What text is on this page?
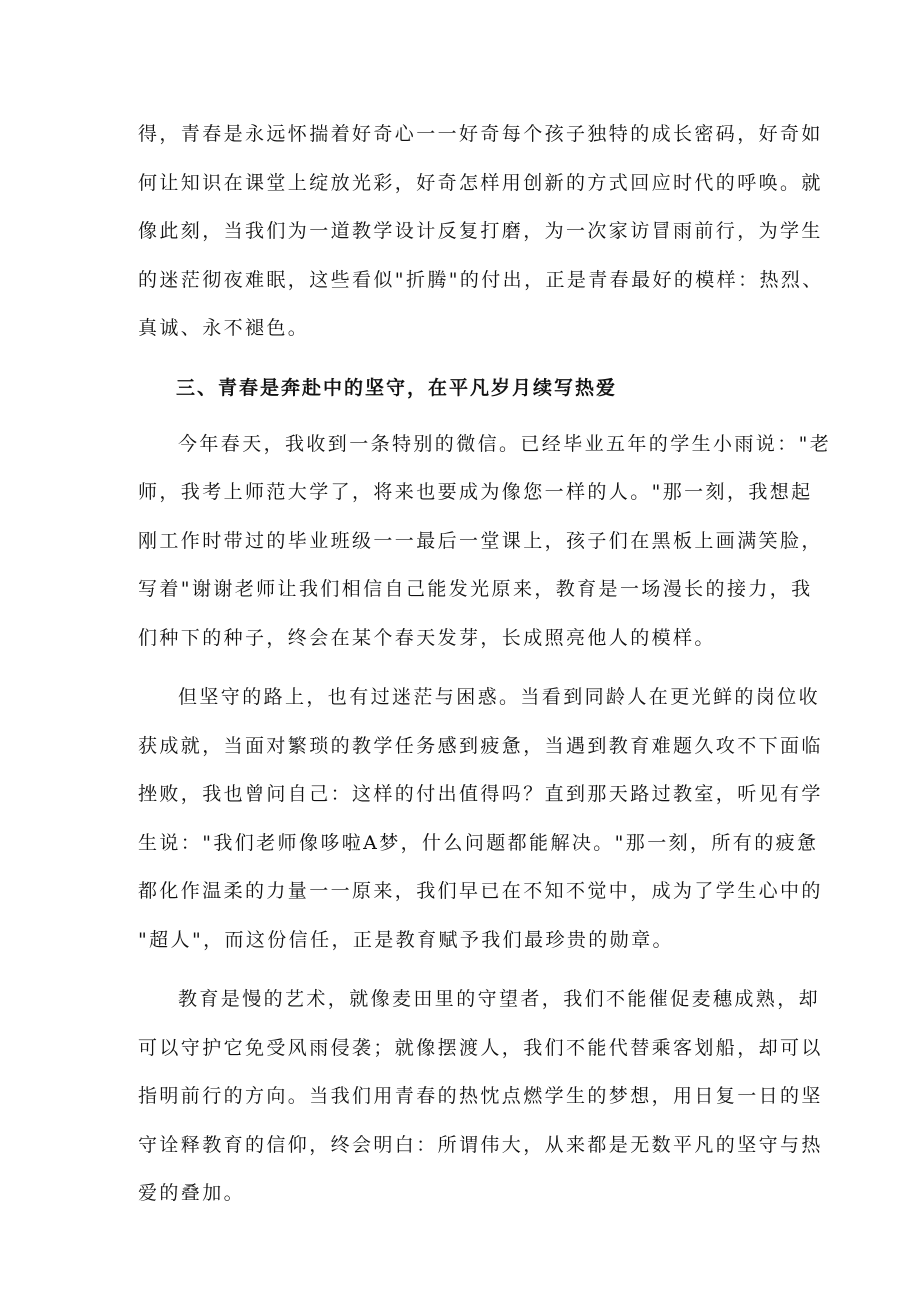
得，青春是永远怀揣着好奇心一一好奇每个孩子独特的成长密码，好奇如
何让知识在课堂上绽放光彩，好奇怎样用创新的方式回应时代的呼唤。就
像此刻，当我们为一道教学设计反复打磨，为一次家访冒雨前行，为学生
的迷茫彻夜难眠，这些看似"折腾"的付出，正是青春最好的模样：热烈、
真诚、永不褪色。
三、青春是奔赴中的坚守，在平凡岁月续写热爱
今年春天，我收到一条特别的微信。已经毕业五年的学生小雨说："老
师，我考上师范大学了，将来也要成为像您一样的人。"那一刻，我想起
刚工作时带过的毕业班级一一最后一堂课上，孩子们在黑板上画满笑脸，
写着"谢谢老师让我们相信自己能发光原来，教育是一场漫长的接力，我
们种下的种子，终会在某个春天发芽，长成照亮他人的模样。
但坚守的路上，也有过迷茫与困惑。当看到同龄人在更光鲜的岗位收
获成就，当面对繁琐的教学任务感到疲惫，当遇到教育难题久攻不下面临
挫败，我也曾问自己：这样的付出值得吗？直到那天路过教室，听见有学
生说："我们老师像哆啦A梦，什么问题都能解决。"那一刻，所有的疲惫
都化作温柔的力量一一原来，我们早已在不知不觉中，成为了学生心中的
"超人"，而这份信任，正是教育赋予我们最珍贵的勋章。
教育是慢的艺术，就像麦田里的守望者，我们不能催促麦穗成熟，却
可以守护它免受风雨侵袭；就像摆渡人，我们不能代替乘客划船，却可以
指明前行的方向。当我们用青春的热忱点燃学生的梦想，用日复一日的坚
守诠释教育的信仰，终会明白：所谓伟大，从来都是无数平凡的坚守与热
爱的叠加。
